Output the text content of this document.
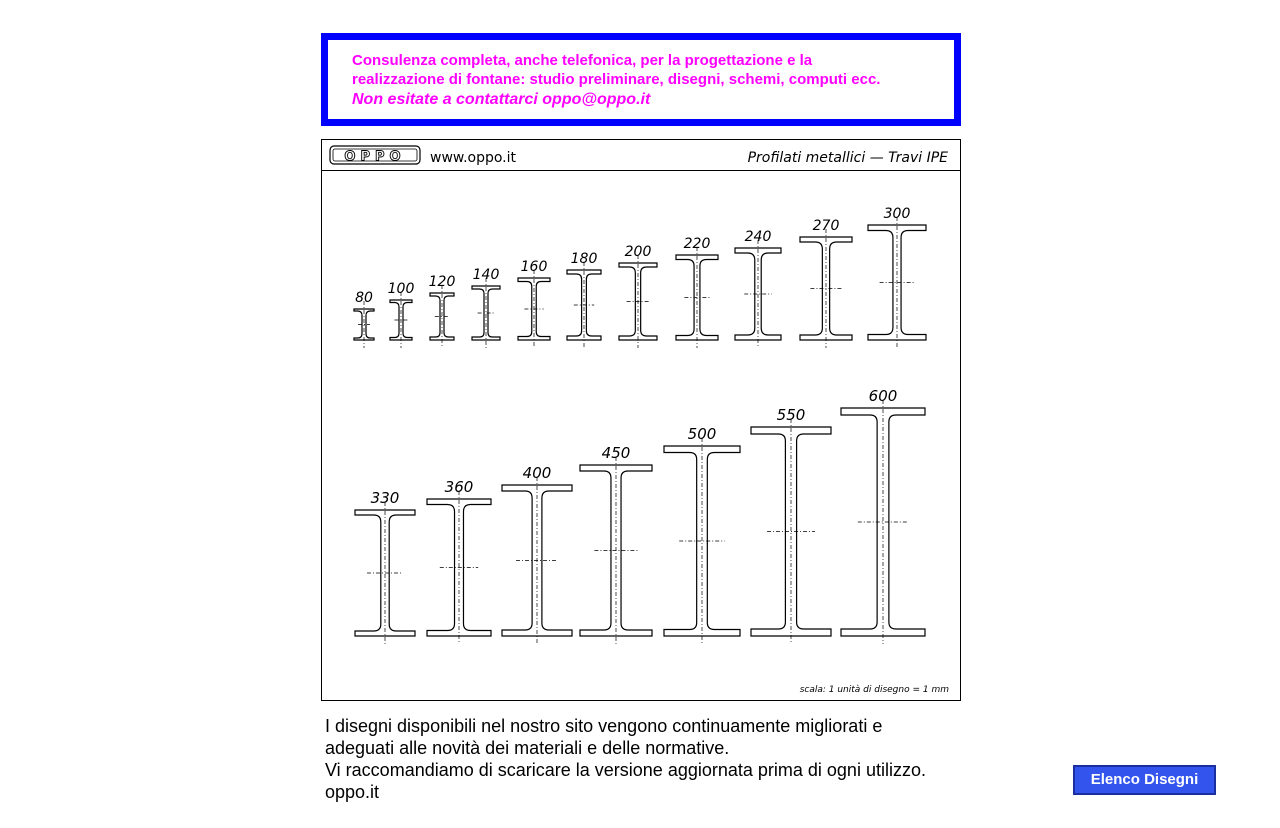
Consulenza completa, anche telefonica, per la progettazione e la
realizzazione di fontane: studio preliminare, disegni, schemi, computi ecc.
Non esitate a contattarci oppo@oppo.it
OPPO www.oppo.it	Profilati metallici — Travi IPE
80
100 120 140 160 180 200 220 240
270
300
330
360
400
450
500
550
600
scala: 1 unità di disegno = 1 mm
I disegni disponibili nel nostro sito vengono continuamente migliorati e
adeguati alle novità dei materiali e delle normative.
Vi raccomandiamo di scaricare la versione aggiornata prima di ogni utilizzo.
oppo.it
Elenco Disegni
